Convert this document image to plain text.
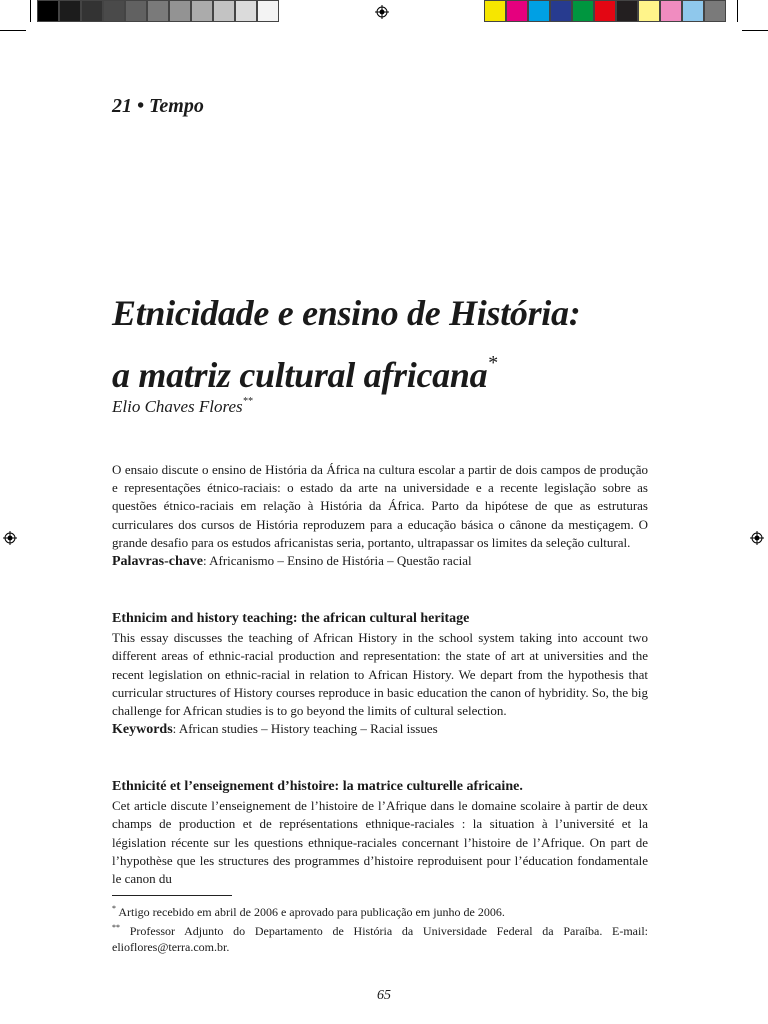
21 • Tempo
Etnicidade e ensino de História:
a matriz cultural africana*
Elio Chaves Flores**
O ensaio discute o ensino de História da África na cultura escolar a partir de dois campos de produção e representações étnico-raciais: o estado da arte na universidade e a recente legislação sobre as questões étnico-raciais em relação à História da África. Parto da hipótese de que as estruturas curriculares dos cursos de História reproduzem para a educação básica o cânone da mestiçagem. O grande desafio para os estudos africanistas seria, portanto, ultrapassar os limites da seleção cultural.
Palavras-chave: Africanismo – Ensino de História – Questão racial
Ethnicim and history teaching: the african cultural heritage
This essay discusses the teaching of African History in the school system taking into account two different areas of ethnic-racial production and representation: the state of art at universities and the recent legislation on ethnic-racial in relation to African History. We depart from the hypothesis that curricular structures of History courses reproduce in basic education the canon of hybridity. So, the big challenge for African studies is to go beyond the limits of cultural selection.
Keywords: African studies – History teaching – Racial issues
Ethnicité et l’enseignement d’histoire: la matrice culturelle africaine.
Cet article discute l’enseignement de l’histoire de l’Afrique dans le domaine scolaire à partir de deux champs de production et de représentations ethnique-raciales : la situation à l’université et la législation récente sur les questions ethnique-raciales concernant l’histoire de l’Afrique. On part de l’hypothèse que les structures des programmes d’histoire reproduisent pour l’éducation fondamentale le canon du
* Artigo recebido em abril de 2006 e aprovado para publicação em junho de 2006.
** Professor Adjunto do Departamento de História da Universidade Federal da Paraíba. E-mail: elioflores@terra.com.br.
65
